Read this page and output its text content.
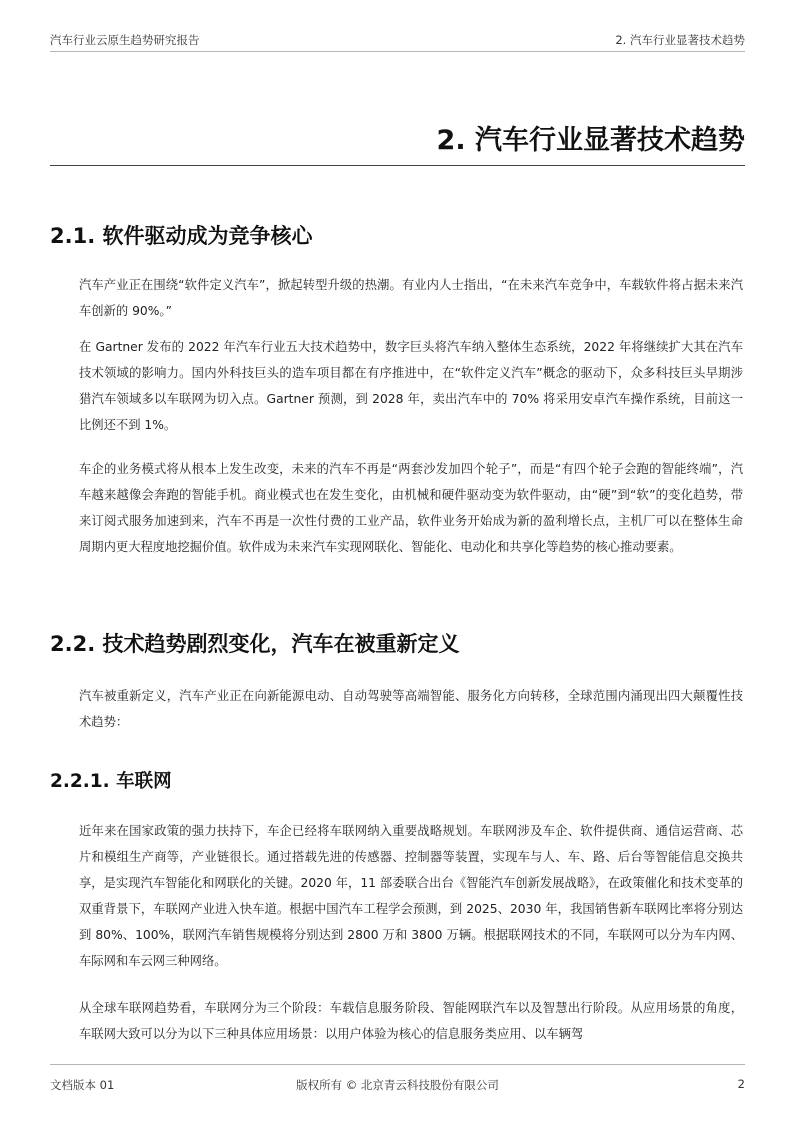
汽车行业云原生趋势研究报告	2. 汽车行业显著技术趋势
2. 汽车行业显著技术趋势
2.1. 软件驱动成为竞争核心

汽车产业正在围绕“软件定义汽车”，掀起转型升级的热潮。有业内人士指出，“在未来汽车竞争中，车载软件将占据未来汽车创新的 90%。”

在 Gartner 发布的 2022 年汽车行业五大技术趋势中，数字巨头将汽车纳入整体生态系统，2022 年将继续扩大其在汽车技术领域的影响力。国内外科技巨头的造车项目都在有序推进中，在“软件定义汽车”概念的驱动下，众多科技巨头早期涉猎汽车领域多以车联网为切入点。Gartner 预测，到 2028 年，卖出汽车中的 70% 将采用安卓汽车操作系统，目前这一比例还不到 1%。

车企的业务模式将从根本上发生改变，未来的汽车不再是“两套沙发加四个轮子”，而是“有四个轮子会跑的智能终端”，汽车越来越像会奔跑的智能手机。商业模式也在发生变化，由机械和硬件驱动变为软件驱动，由“硬”到“软”的变化趋势，带来订阅式服务加速到来，汽车不再是一次性付费的工业产品，软件业务开始成为新的盈利增长点，主机厂可以在整体生命周期内更大程度地挖掘价值。软件成为未来汽车实现网联化、智能化、电动化和共享化等趋势的核心推动要素。

2.2. 技术趋势剧烈变化，汽车在被重新定义

汽车被重新定义，汽车产业正在向新能源电动、自动驾驶等高端智能、服务化方向转移，全球范围内涌现出四大颠覆性技术趋势：

2.2.1. 车联网

近年来在国家政策的强力扶持下，车企已经将车联网纳入重要战略规划。车联网涉及车企、软件提供商、通信运营商、芯片和模组生产商等，产业链很长。通过搭载先进的传感器、控制器等装置，实现车与人、车、路、后台等智能信息交换共享，是实现汽车智能化和网联化的关键。2020 年，11 部委联合出台《智能汽车创新发展战略》，在政策催化和技术变革的双重背景下，车联网产业进入快车道。根据中国汽车工程学会预测，到 2025、2030 年，我国销售新车联网比率将分别达到 80%、100%，联网汽车销售规模将分别达到 2800 万和 3800 万辆。根据联网技术的不同，车联网可以分为车内网、车际网和车云网三种网络。

从全球车联网趋势看，车联网分为三个阶段：车载信息服务阶段、智能网联汽车以及智慧出行阶段。从应用场景的角度，车联网大致可以分为以下三种具体应用场景：以用户体验为核心的信息服务类应用、以车辆驾

文档版本 01	版权所有 © 北京青云科技股份有限公司	2
